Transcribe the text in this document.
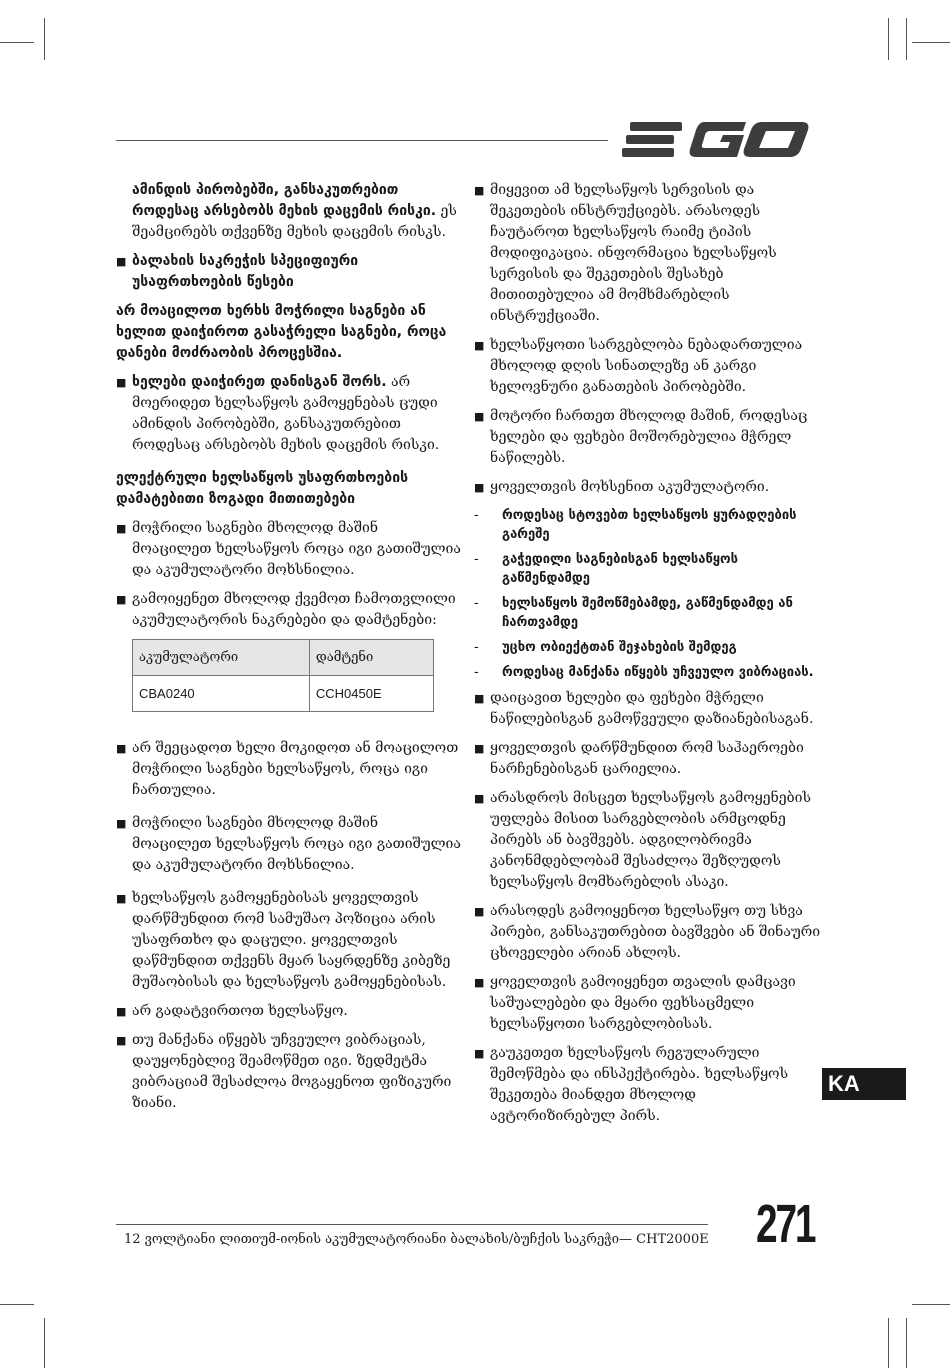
ამინდის პირობებში, განსაკუთრებით როდესაც არსებობს მეხის დაცემის რისკი. ეს შეამცირებს თქვენზე მეხის დაცემის რისკს.

■ ბალახის საკრეჭის სპეციფიური უსაფრთხოების წესები

არ მოაცილოთ ხერხს მოჭრილი საგნები ან ხელით დაიჭიროთ გასაჭრელი საგნები, როცა დანები მოძრაობის პროცესშია.

■ ხელები დაიჭირეთ დანისგან შორს. არ მოერიდეთ ხელსაწყოს გამოყენებას ცუდი ამინდის პირობებში, განსაკუთრებით როდესაც არსებობს მეხის დაცემის რისკი.

ელექტრული ხელსაწყოს უსაფრთხოების დამატებითი ზოგადი მითითებები

■ მოჭრილი საგნები მხოლოდ მაშინ მოაცილეთ ხელსაწყოს როცა იგი გათიშულია და აკუმულატორი მოხსნილია.
■ გამოიყენეთ მხოლოდ ქვემოთ ჩამოთვლილი აკუმულატორის ნაკრებები და დამტენები:
აკუმულატორი	დამტენი
CBA0240	CCH0450E
■ არ შეეცადოთ ხელი მოკიდოთ ან მოაცილოთ მოჭრილი საგნები ხელსაწყოს, როცა იგი ჩართულია.
■ მოჭრილი საგნები მხოლოდ მაშინ მოაცილეთ ხელსაწყოს როცა იგი გათიშულია და აკუმულატორი მოხსნილია.
■ ხელსაწყოს გამოყენებისას ყოველთვის დარწმუნდით რომ სამუშაო პოზიცია არის უსაფრთხო და დაცული. ყოველთვის დაწმუნდით თქვენს მყარ საყრდენზე კიბეზე მუშაობისას და ხელსაწყოს გამოყენებისას.
■ არ გადატვირთოთ ხელსაწყო.
■ თუ მანქანა იწყებს უჩვეულო ვიბრაციას, დაუყონებლივ შეამოწმეთ იგი. ზედმეტმა ვიბრაციამ შესაძლოა მოგაყენოთ ფიზიკური ზიანი.
■ მიყევით ამ ხელსაწყოს სერვისის და შეკეთების ინსტრუქციებს. არასოდეს ჩაუტაროთ ხელსაწყოს რაიმე ტიპის მოდიფიკაცია. ინფორმაცია ხელსაწყოს სერვისის და შეკეთების შესახებ მითითებულია ამ მომხმარებლის ინსტრუქციაში.
■ ხელსაწყოთი სარგებლობა ნებადართულია მხოლოდ დღის სინათლეზე ან კარგი ხელოვნური განათების პირობებში.
■ მოტორი ჩართეთ მხოლოდ მაშინ, როდესაც ხელები და ფეხები მოშორებულია მჭრელ ნაწილებს.
■ ყოველთვის მოხსენით აკუმულატორი.
- როდესაც სტოვებთ ხელსაწყოს ყურადღების გარეშე
- გაჭედილი საგნებისგან ხელსაწყოს გაწმენდამდე
- ხელსაწყოს შემოწმებამდე, გაწმენდამდე ან ჩართვამდე
- უცხო ობიექტთან შეჯახების შემდეგ
- როდესაც მანქანა იწყებს უჩვეულო ვიბრაციას.
■ დაიცავით ხელები და ფეხები მჭრელი ნაწილებისგან გამოწვეული დაზიანებისაგან.
■ ყოველთვის დარწმუნდით რომ საჰაეროები ნარჩენებისგან ცარიელია.
■ არასდროს მისცეთ ხელსაწყოს გამოყენების უფლება მისით სარგებლობის არმცოდნე პირებს ან ბავშვებს. ადგილობრივმა კანონმდებლობამ შესაძლოა შეზღუდოს ხელსაწყოს მომხარებლის ასაკი.
■ არასოდეს გამოიყენოთ ხელსაწყო თუ სხვა პირები, განსაკუთრებით ბავშვები ან შინაური ცხოველები არიან ახლოს.
■ ყოველთვის გამოიყენეთ თვალის დამცავი საშუალებები და მყარი ფეხსაცმელი ხელსაწყოთი სარგებლობისას.
■ გაუკეთეთ ხელსაწყოს რეგულარული შემოწმება და ინსპექტირება. ხელსაწყოს შეკეთება მიანდეთ მხოლოდ ავტორიზირებულ პირს.
KA
12 ვოლტიანი ლითიუმ-იონის აკუმულატორიანი ბალახის/ბუჩქის საკრეჭი— CHT2000E 271
